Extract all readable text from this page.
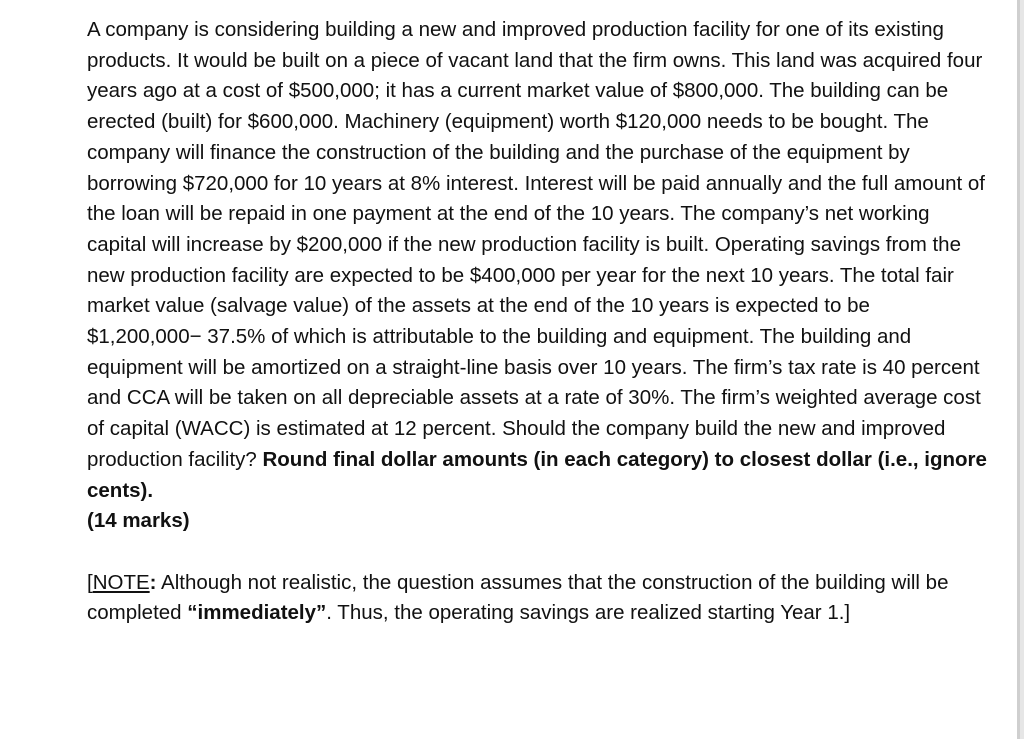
A company is considering building a new and improved production facility for one of its existing products. It would be built on a piece of vacant land that the firm owns. This land was acquired four years ago at a cost of $500,000; it has a current market value of $800,000. The building can be erected (built) for $600,000. Machinery (equipment) worth $120,000 needs to be bought. The company will finance the construction of the building and the purchase of the equipment by borrowing $720,000 for 10 years at 8% interest. Interest will be paid annually and the full amount of the loan will be repaid in one payment at the end of the 10 years. The company’s net working capital will increase by $200,000 if the new production facility is built. Operating savings from the new production facility are expected to be $400,000 per year for the next 10 years. The total fair market value (salvage value) of the assets at the end of the 10 years is expected to be $1,200,000− 37.5% of which is attributable to the building and equipment. The building and equipment will be amortized on a straight-line basis over 10 years. The firm’s tax rate is 40 percent and CCA will be taken on all depreciable assets at a rate of 30%. The firm’s weighted average cost of capital (WACC) is estimated at 12 percent. Should the company build the new and improved production facility? Round final dollar amounts (in each category) to closest dollar (i.e., ignore cents).

(14 marks)

[NOTE: Although not realistic, the question assumes that the construction of the building will be completed “immediately”. Thus, the operating savings are realized starting Year 1.]
